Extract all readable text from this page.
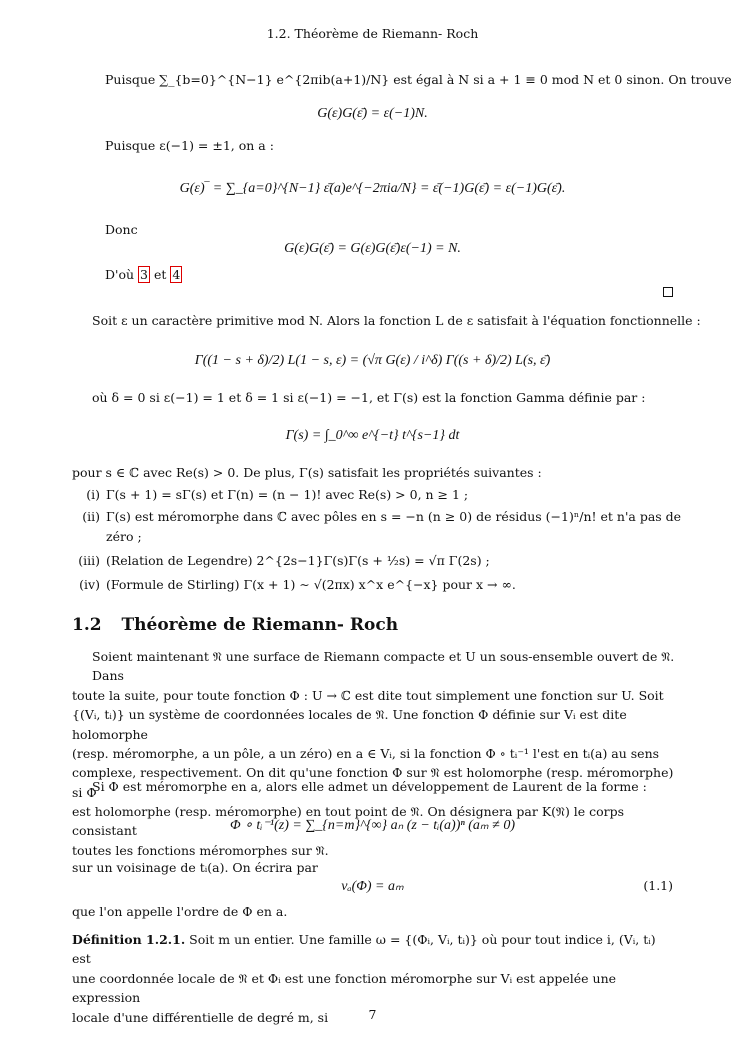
1.2. Théorème de Riemann- Roch

Puisque ∑_{b=0}^{N−1} e^{2πib(a+1)/N} est égal à N si a + 1 ≡ 0 mod N et 0 sinon. On trouve

G(ε)G(ε̄) = ε(−1)N.

Puisque ε(−1) = ±1, on a :

G(ε)‾ = ∑_{a=0}^{N−1} ε̄(a)e^{−2πia/N} = ε̄(−1)G(ε̄) = ε(−1)G(ε̄).

Donc

G(ε)G(ε̄) = G(ε)G(ε̄)ε(−1) = N.

D'où 3 et 4

Soit ε un caractère primitive mod N. Alors la fonction L de ε satisfait à l'équation fonctionnelle :

Γ((1 − s + δ)/2) L(1 − s, ε) = (√π G(ε) / i^δ) Γ((s + δ)/2) L(s, ε̄)

où δ = 0 si ε(−1) = 1 et δ = 1 si ε(−1) = −1, et Γ(s) est la fonction Gamma définie par :

Γ(s) = ∫_0^∞ e^{−t} t^{s−1} dt

pour s ∈ ℂ avec Re(s) > 0. De plus, Γ(s) satisfait les propriétés suivantes :

(i) Γ(s + 1) = sΓ(s) et Γ(n) = (n − 1)! avec Re(s) > 0, n ≥ 1 ;
(ii) Γ(s) est méromorphe dans ℂ avec pôles en s = −n (n ≥ 0) de résidus (−1)ⁿ/n! et n'a pas de
zéro ;
(iii) (Relation de Legendre) 2^{2s−1}Γ(s)Γ(s + ½s) = √π Γ(2s) ;
(iv) (Formule de Stirling) Γ(x + 1) ∼ √(2πx) x^x e^{−x} pour x → ∞.
1.2 Théorème de Riemann- Roch
Soient maintenant 𝔑 une surface de Riemann compacte et U un sous-ensemble ouvert de 𝔑. Dans
toute la suite, pour toute fonction Φ : U → ℂ est dite tout simplement une fonction sur U. Soit
{(Vᵢ, tᵢ)} un système de coordonnées locales de 𝔑. Une fonction Φ définie sur Vᵢ est dite holomorphe
(resp. méromorphe, a un pôle, a un zéro) en a ∈ Vᵢ, si la fonction Φ ∘ tᵢ⁻¹ l'est en tᵢ(a) au sens
complexe, respectivement. On dit qu'une fonction Φ sur 𝔑 est holomorphe (resp. méromorphe) si Φ
est holomorphe (resp. méromorphe) en tout point de 𝔑. On désignera par K(𝔑) le corps consistant
toutes les fonctions méromorphes sur 𝔑.

Si Φ est méromorphe en a, alors elle admet un développement de Laurent de la forme :

Φ ∘ tᵢ⁻¹(z) = ∑_{n=m}^{∞} aₙ (z − tᵢ(a))ⁿ (aₘ ≠ 0)

sur un voisinage de tᵢ(a). On écrira par

vₐ(Φ) = aₘ	(1.1)

que l'on appelle l'ordre de Φ en a.

Définition 1.2.1. Soit m un entier. Une famille ω = {(Φᵢ, Vᵢ, tᵢ)} où pour tout indice i, (Vᵢ, tᵢ) est
une coordonnée locale de 𝔑 et Φᵢ est une fonction méromorphe sur Vᵢ est appelée une expression
locale d'une différentielle de degré m, si	7
